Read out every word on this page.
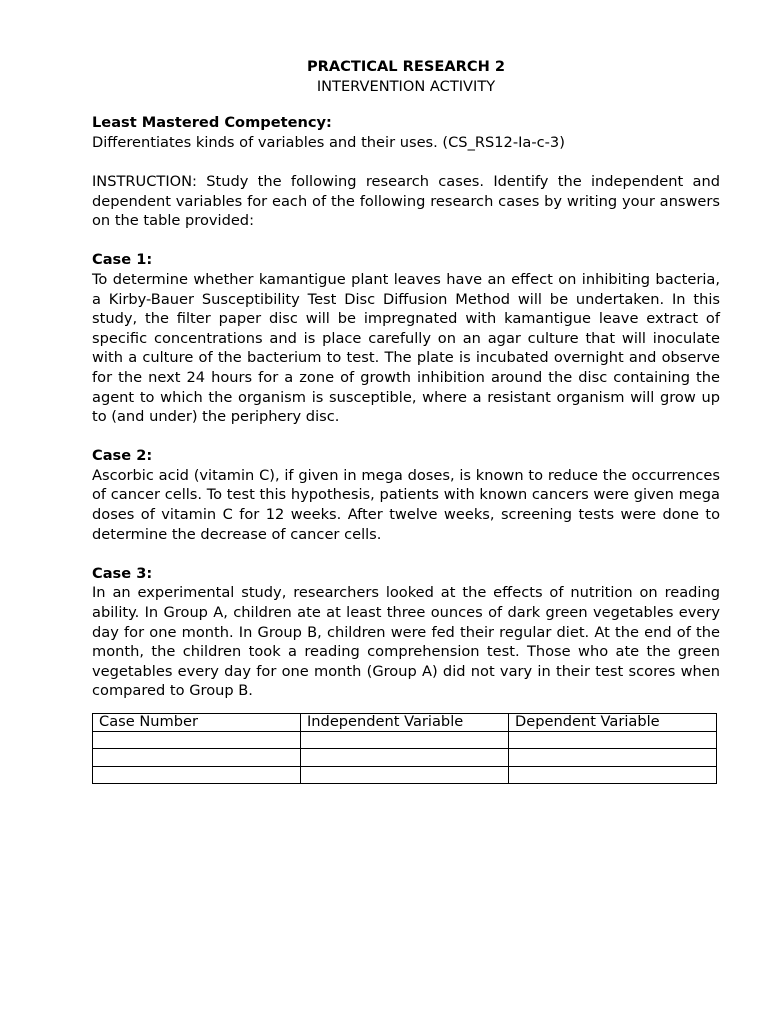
PRACTICAL RESEARCH 2

INTERVENTION ACTIVITY

Least Mastered Competency:

Differentiates kinds of variables and their uses. (CS_RS12-Ia-c-3)

INSTRUCTION: Study the following research cases. Identify the independent and dependent variables for each of the following research cases by writing your answers on the table provided:

Case 1:

To determine whether kamantigue plant leaves have an effect on inhibiting bacteria, a Kirby-Bauer Susceptibility Test Disc Diffusion Method will be undertaken. In this study, the filter paper disc will be impregnated with kamantigue leave extract of specific concentrations and is place carefully on an agar culture that will inoculate with a culture of the bacterium to test. The plate is incubated overnight and observe for the next 24 hours for a zone of growth inhibition around the disc containing the agent to which the organism is susceptible, where a resistant organism will grow up to (and under) the periphery disc.

Case 2:

Ascorbic acid (vitamin C), if given in mega doses, is known to reduce the occurrences of cancer cells. To test this hypothesis, patients with known cancers were given mega doses of vitamin C for 12 weeks. After twelve weeks, screening tests were done to determine the decrease of cancer cells.

Case 3:

In an experimental study, researchers looked at the effects of nutrition on reading ability. In Group A, children ate at least three ounces of dark green vegetables every day for one month. In Group B, children were fed their regular diet. At the end of the month, the children took a reading comprehension test. Those who ate the green vegetables every day for one month (Group A) did not vary in their test scores when compared to Group B.

Case Number	Independent Variable	Dependent Variable
